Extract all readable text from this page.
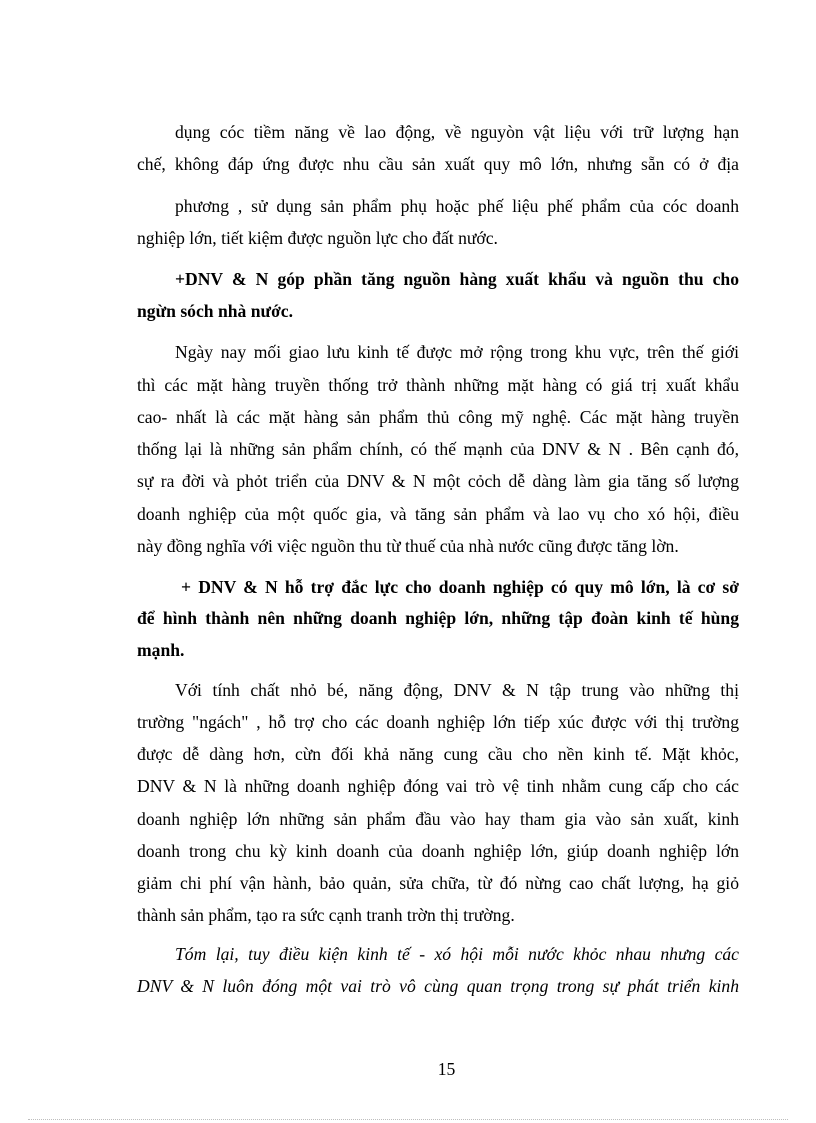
dụng cóc tiềm năng về lao động, về nguyòn vật liệu với trữ lượng hạn
chế, không đáp ứng được nhu cầu sản xuất quy mô lớn, nhưng sẵn có ở địa
phương , sử dụng sản phẩm phụ hoặc phế liệu phế phẩm của cóc doanh
nghiệp lớn, tiết kiệm được nguồn lực cho đất nước.
+DNV & N góp phần tăng nguồn hàng xuất khẩu và nguồn thu cho
ngừn sóch nhà nước.
Ngày nay mối giao lưu kinh tế được mở rộng trong khu vực, trên thế giới
thì các mặt hàng truyền thống trở thành những mặt hàng có giá trị xuất khẩu
cao- nhất là các mặt hàng sản phẩm thủ công mỹ nghệ. Các mặt hàng truyền
thống lại là những sản phẩm chính, có thế mạnh của DNV & N . Bên cạnh đó,
sự ra đời và phỏt triển của DNV & N một cỏch dễ dàng làm gia tăng số lượng
doanh nghiệp của một quốc gia, và tăng sản phẩm và lao vụ cho xó hội, điều
này đồng nghĩa với việc nguồn thu từ thuế của nhà nước cũng được tăng lờn.
+ DNV & N hỗ trợ đắc lực cho doanh nghiệp có quy mô lớn, là cơ sở
để hình thành nên những doanh nghiệp lớn, những tập đoàn kinh tế hùng
mạnh.
Với tính chất nhỏ bé, năng động, DNV & N tập trung vào những thị
trường "ngách" , hỗ trợ cho các doanh nghiệp lớn tiếp xúc được với thị trường
được dễ dàng hơn, cừn đối khả năng cung cầu cho nền kinh tế. Mặt khỏc,
DNV & N là những doanh nghiệp đóng vai trò vệ tinh nhằm cung cấp cho các
doanh nghiệp lớn những sản phẩm đầu vào hay tham gia vào sản xuất, kinh
doanh trong chu kỳ kinh doanh của doanh nghiệp lớn, giúp doanh nghiệp lớn
giảm chi phí vận hành, bảo quản, sửa chữa, từ đó nừng cao chất lượng, hạ giỏ
thành sản phẩm, tạo ra sức cạnh tranh trờn thị trường.
Tóm lại, tuy điều kiện kinh tế - xó hội mỗi nước khỏc nhau nhưng các
DNV & N luôn đóng một vai trò vô cùng quan trọng trong sự phát triển kinh
15
